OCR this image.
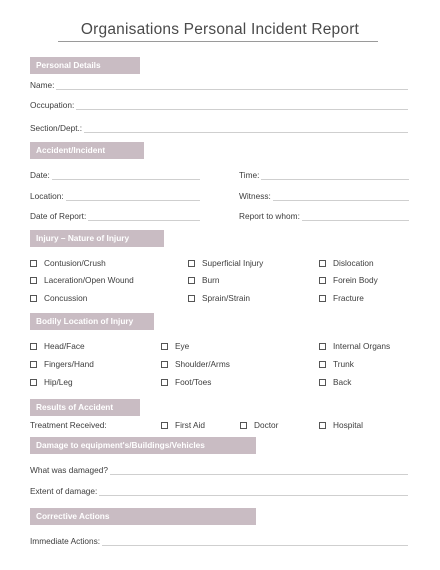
Organisations Personal Incident Report
Personal Details
Name:
Occupation:
Section/Dept.:
Accident/Incident
Date:	Time:
Location:	Witness:
Date of Report:	Report to whom:
Injury – Nature of Injury
Contusion/Crush	Superficial Injury	Dislocation
Laceration/Open Wound	Burn	Forein Body
Concussion	Sprain/Strain	Fracture
Bodily Location of Injury
Head/Face	Eye	Internal Organs
Fingers/Hand	Shoulder/Arms	Trunk
Hip/Leg	Foot/Toes	Back
Results of Accident
Treatment Received:	First Aid	Doctor	Hospital
Damage to equipment's/Buildings/Vehicles
What was damaged?
Extent of damage:
Corrective Actions
Immediate Actions:
